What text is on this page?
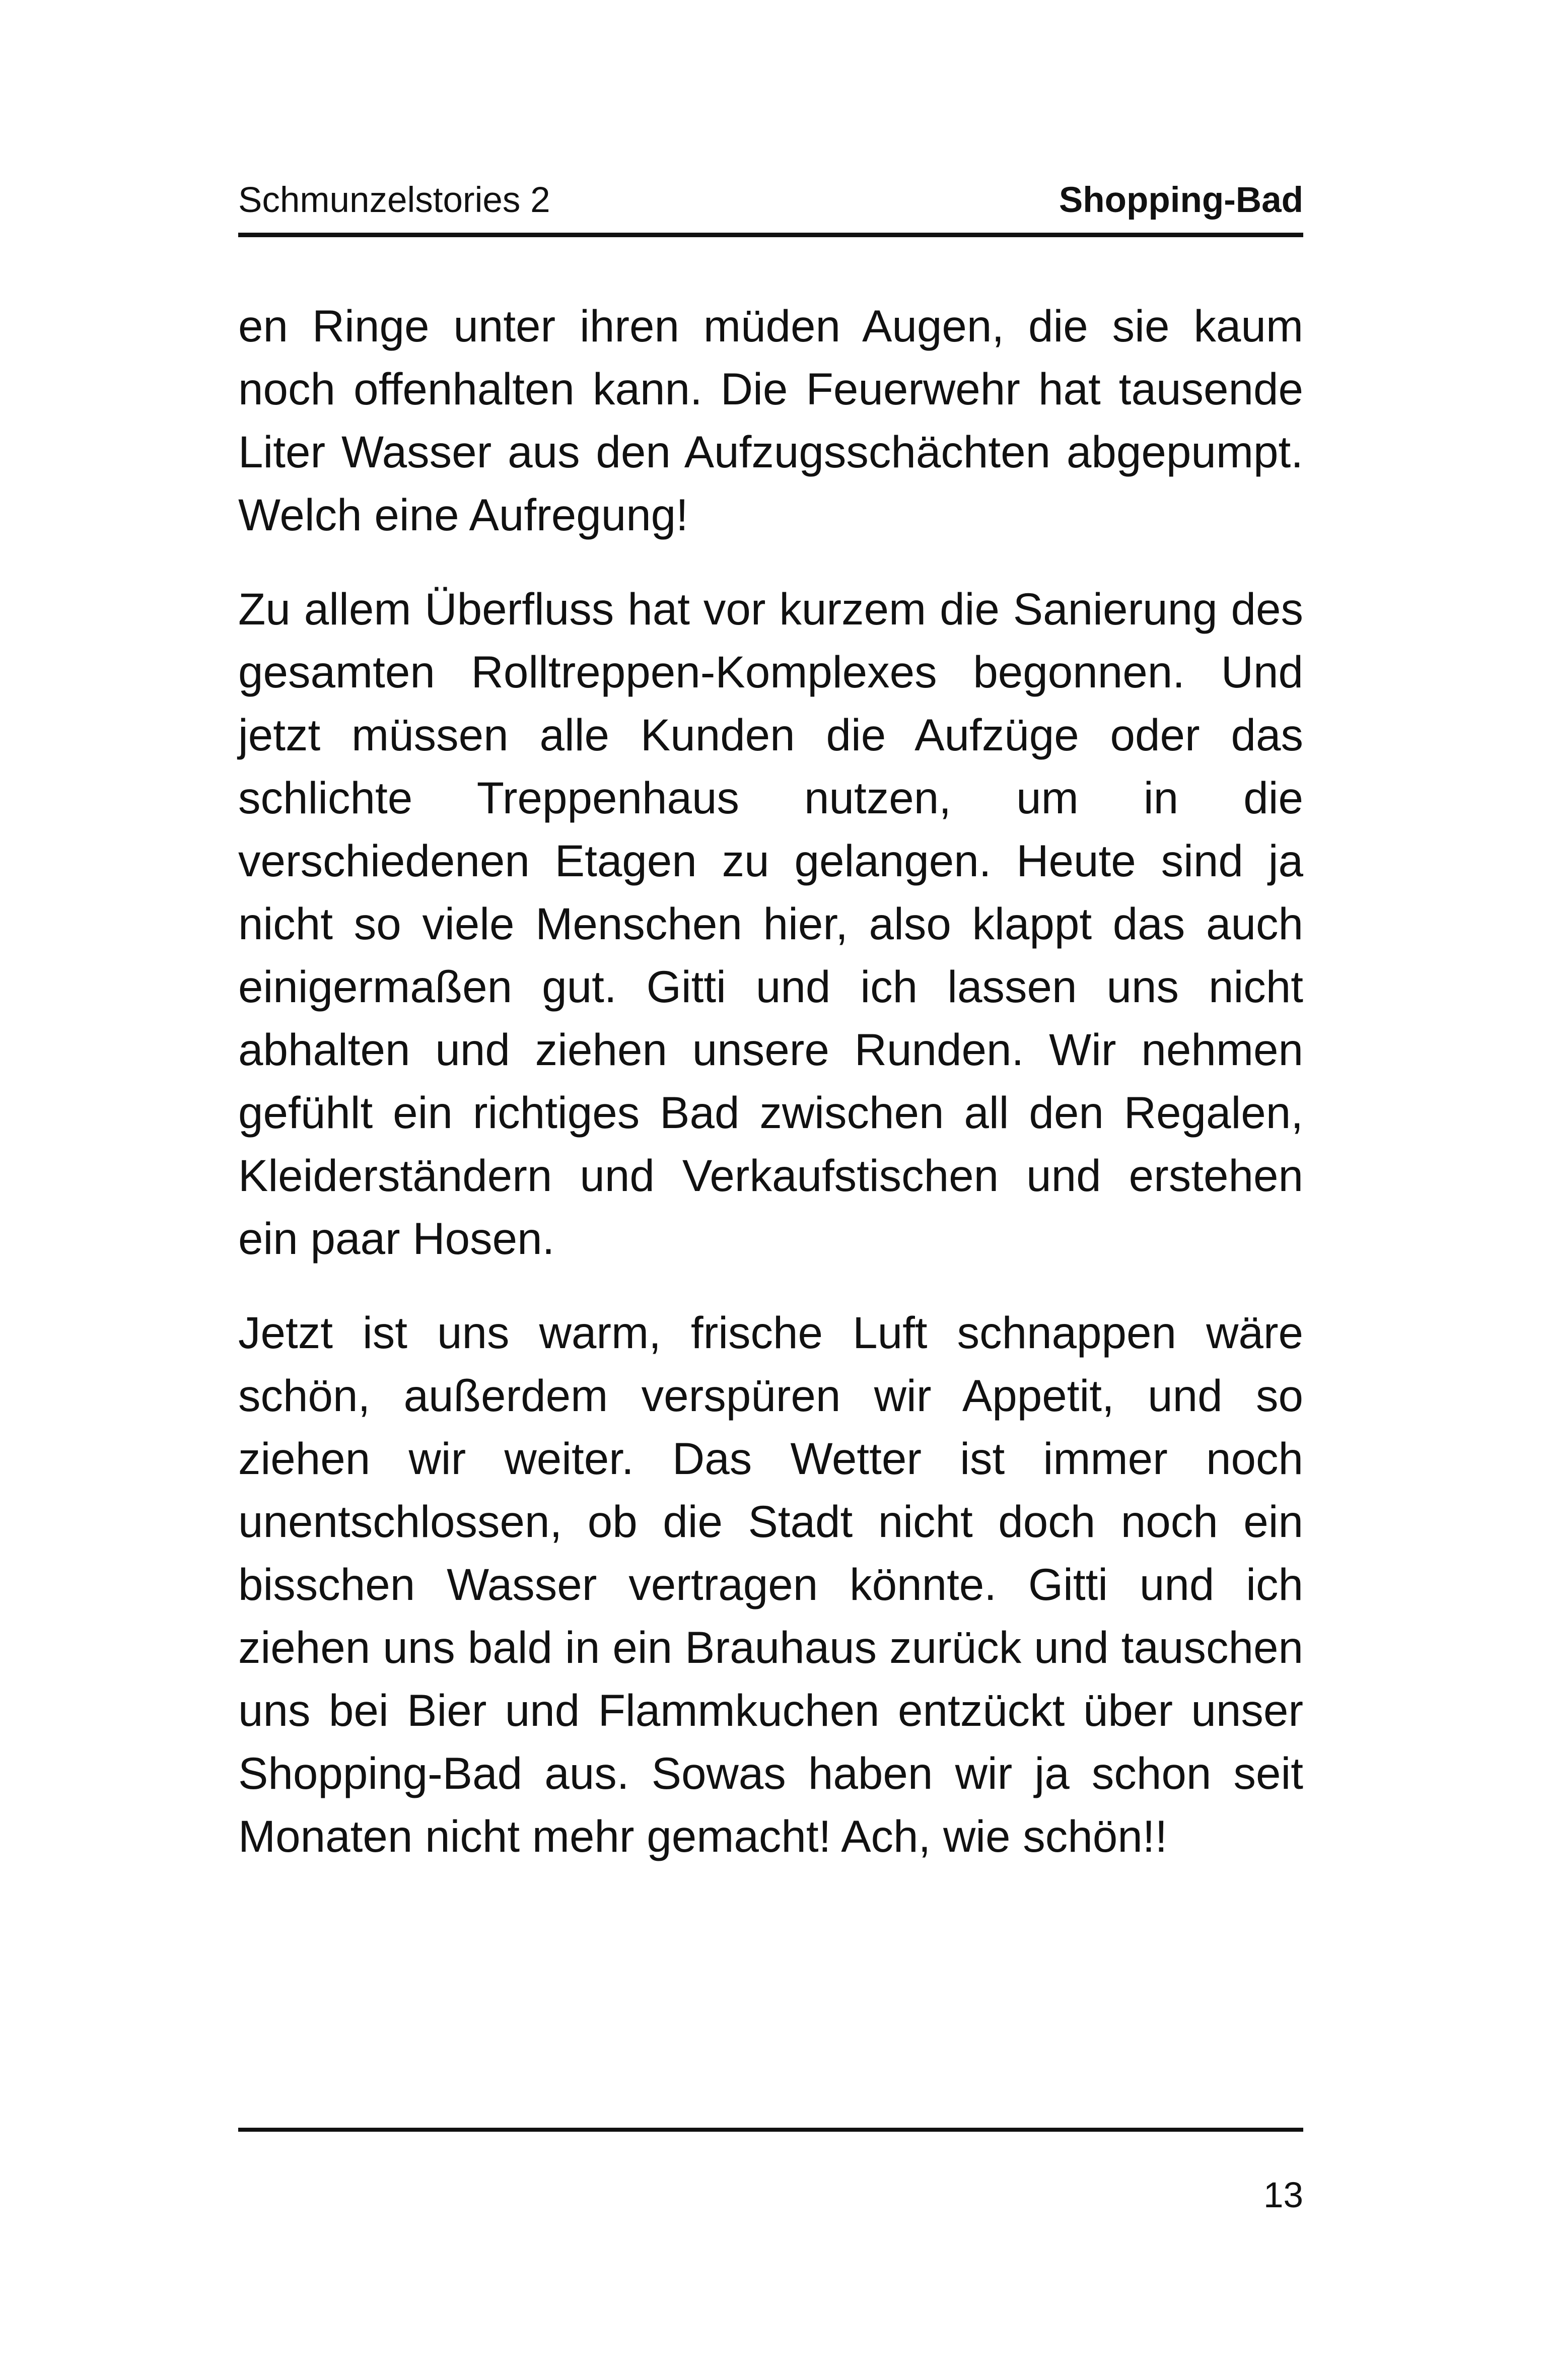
Schmunzelstories 2	Shopping-Bad

en Ringe unter ihren müden Augen, die sie kaum noch offenhalten kann. Die Feuerwehr hat tausende Liter Wasser aus den Aufzugsschächten abgepumpt. Welch eine Aufregung!

Zu allem Überfluss hat vor kurzem die Sanierung des gesamten Rolltreppen-Komplexes begonnen. Und jetzt müssen alle Kunden die Aufzüge oder das schlichte Treppenhaus nutzen, um in die verschiedenen Etagen zu gelangen. Heute sind ja nicht so viele Menschen hier, also klappt das auch einigermaßen gut. Gitti und ich lassen uns nicht abhalten und ziehen unsere Runden. Wir nehmen gefühlt ein richtiges Bad zwischen all den Regalen, Kleiderständern und Verkaufstischen und erstehen ein paar Hosen.

Jetzt ist uns warm, frische Luft schnappen wäre schön, außerdem verspüren wir Appetit, und so ziehen wir weiter. Das Wetter ist immer noch unentschlossen, ob die Stadt nicht doch noch ein bisschen Wasser vertragen könnte. Gitti und ich ziehen uns bald in ein Brauhaus zurück und tauschen uns bei Bier und Flammkuchen entzückt über unser Shopping-Bad aus. Sowas haben wir ja schon seit Monaten nicht mehr gemacht! Ach, wie schön!!

13
